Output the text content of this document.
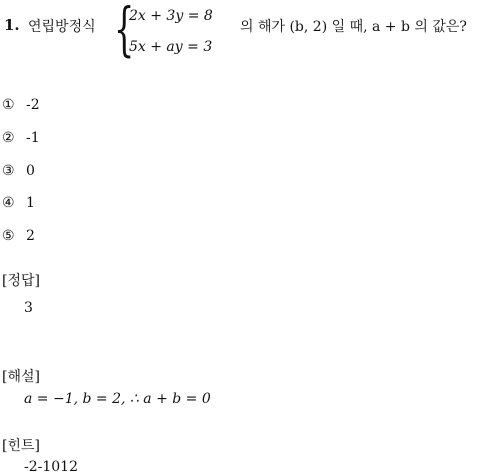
1. 연립방정식 {
2x + 3y = 8
5x + ay = 3
의 해가 (b, 2) 일 때, a + b 의 값은?
① -2
② -1
③ 0
④ 1
⑤ 2
[정답]
3
[해설]
a = −1, b = 2, ∴ a + b = 0
[힌트]
-2-1012
